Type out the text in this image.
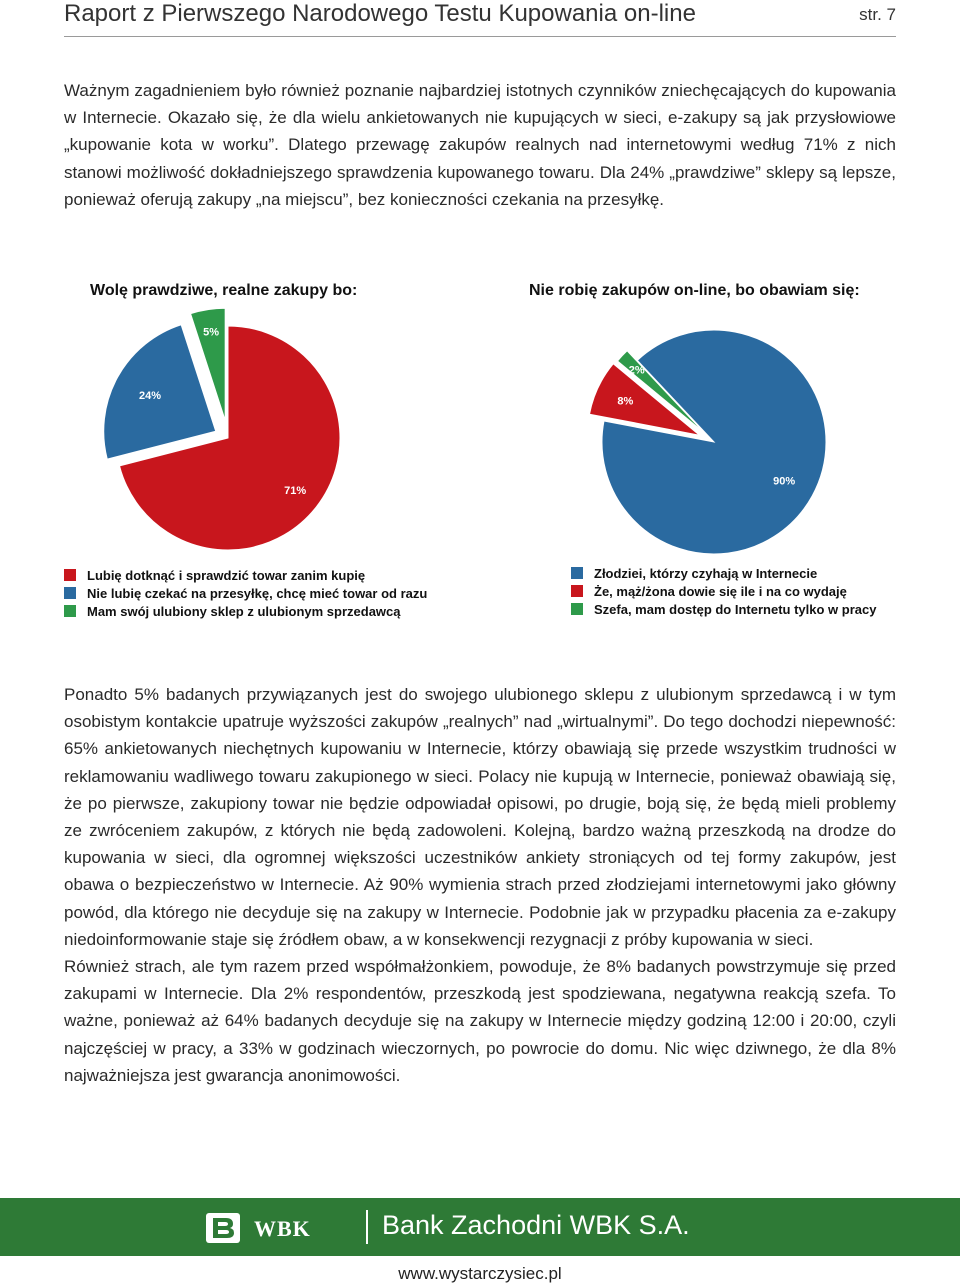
Raport z Pierwszego Narodowego Testu Kupowania on-line	str. 7
Ważnym zagadnieniem było również poznanie najbardziej istotnych czynników zniechęcających do kupowania w Internecie. Okazało się, że dla wielu ankietowanych nie kupujących w sieci, e-zakupy są jak przysłowiowe „kupowanie kota w worku”. Dlatego przewagę zakupów realnych nad internetowymi według 71% z nich stanowi możliwość dokładniejszego sprawdzenia kupowanego towaru. Dla 24% „prawdziwe” sklepy są lepsze, ponieważ oferują zakupy „na miejscu”, bez konieczności czekania na przesyłkę.
Wolę prawdziwe, realne zakupy bo:	Nie robię zakupów on-line, bo obawiam się:
71%
24%
5%
90%
8%
2%
Lubię dotknąć i sprawdzić towar zanim kupię
Nie lubię czekać na przesyłkę, chcę mieć towar od razu
Mam swój ulubiony sklep z ulubionym sprzedawcą
Złodziei, którzy czyhają w Internecie
Że, mąż/żona dowie się ile i na co wydaję
Szefa, mam dostęp do Internetu tylko w pracy
Ponadto 5% badanych przywiązanych jest do swojego ulubionego sklepu z ulubionym sprzedawcą i w tym osobistym kontakcie upatruje wyższości zakupów „realnych” nad „wirtualnymi”. Do tego dochodzi niepewność: 65% ankietowanych niechętnych kupowaniu w Internecie, którzy obawiają się przede wszystkim trudności w reklamowaniu wadliwego towaru zakupionego w sieci. Polacy nie kupują w Internecie, ponieważ obawiają się, że po pierwsze, zakupiony towar nie będzie odpowiadał opisowi, po drugie, boją się, że będą mieli problemy ze zwróceniem zakupów, z których nie będą zadowoleni. Kolejną, bardzo ważną przeszkodą na drodze do kupowania w sieci, dla ogromnej większości uczestników ankiety stroniących od tej formy zakupów, jest obawa o bezpieczeństwo w Internecie. Aż 90% wymienia strach przed złodziejami internetowymi jako główny powód, dla którego nie decyduje się na zakupy w Internecie. Podobnie jak w przypadku płacenia za e-zakupy niedoinformowanie staje się źródłem obaw, a w konsekwencji rezygnacji z próby kupowania w sieci.
Również strach, ale tym razem przed współmałżonkiem, powoduje, że 8% badanych powstrzymuje się przed zakupami w Internecie. Dla 2% respondentów, przeszkodą jest spodziewana, negatywna reakcją szefa. To ważne, ponieważ aż 64% badanych decyduje się na zakupy w Internecie między godziną 12:00 i 20:00, czyli najczęściej w pracy, a 33% w godzinach wieczornych, po powrocie do domu. Nic więc dziwnego, że dla 8% najważniejsza jest gwarancja anonimowości.
WBK	Bank Zachodni WBK S.A.
www.wystarczysiec.pl
